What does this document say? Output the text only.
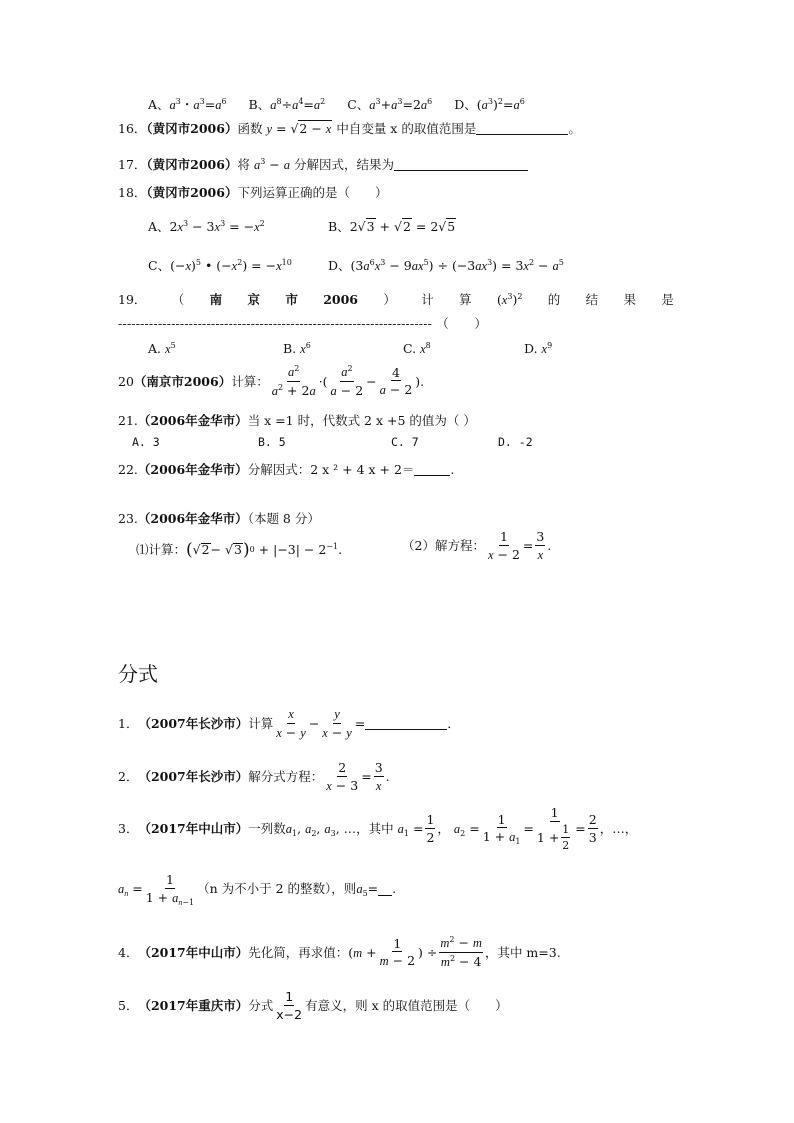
A、$a^3$・$a^3=a^6$ B、$a^8\div a^4=a^2$ C、$a^3+a^3=2a^6$ D、$(a^3)^2=a^6$
16．（黄冈市2006）函数 y = √2 − x 中自变量 x 的取值范围是	。
17．（黄冈市2006）将 $a^3 - a$ 分解因式，结果为
18．（黄冈市2006）下列运算正确的是（　　）
A、$2x^3 - 3x^3 = -x^2$	B、2√3 + √2 = 2√5
C、$(-x)^5$ • $(-x^2) = -x^{10}$	D、$(3a^6x^3 - 9ax^5) \div (-3ax^3) = 3x^2 - a^5$
19． （ 南 京 市 2006 ） 计 算 $(x^3)^2$ 的 结 果 是
----------------------------------------------------------------------- （　　）
A. $x^5$	B. $x^6$	C. $x^8$	D. $x^9$
20 （南京市2006） 计算： $\frac{a^2}{a^2 + 2a}$ ·( $\frac{a^2}{a - 2} - \frac{4}{a - 2}$ ).
21.（2006年金华市）当 x =1 时，代数式 2 x +5 的值为（ ）
A. 3	B. 5	C. 7	D. -2
22.（2006年金华市）分解因式：2 x ² + 4 x + 2＝	.
23.（2006年金华市）（本题 8 分）
⑴计算： ( √ 2 − √ 3 ) $0 + |-3| - 2^{-1}$.	（2）解方程： $\frac{1}{x - 2} = \frac{3}{x}$ .
分式
1． （2007年长沙市） 计算 $\frac{x}{x - y} - \frac{y}{x - y}$ =	．
2． （2007年长沙市） 解分式方程： $\frac{2}{x - 3} = \frac{3}{x}$ .
3． （2017年中山市） 一列数 $a_1$, $a_2$, $a_3$, … ，其中 $a_1 = \frac{1}{2}$ ， $a_2 = \frac{1}{1 + a_1} = \frac{1}{1 + \frac{1}{2}} = \frac{2}{3}$ ，…，
$a_n = \frac{1}{1 + a_{n-1}} (n$ 为不小于 2 的整数），则 $a_5=$ .
4． （2017年中山市） 先化简，再求值： ($m + \frac{1}{m - 2}$ ) ÷ $\frac{m^2 - m}{m^2 - 4}$ ，其中 m=3.
5． （2017年重庆市） 分式 $\frac{1}{x-2}$ 有意义，则 x 的取值范围是（　　）
